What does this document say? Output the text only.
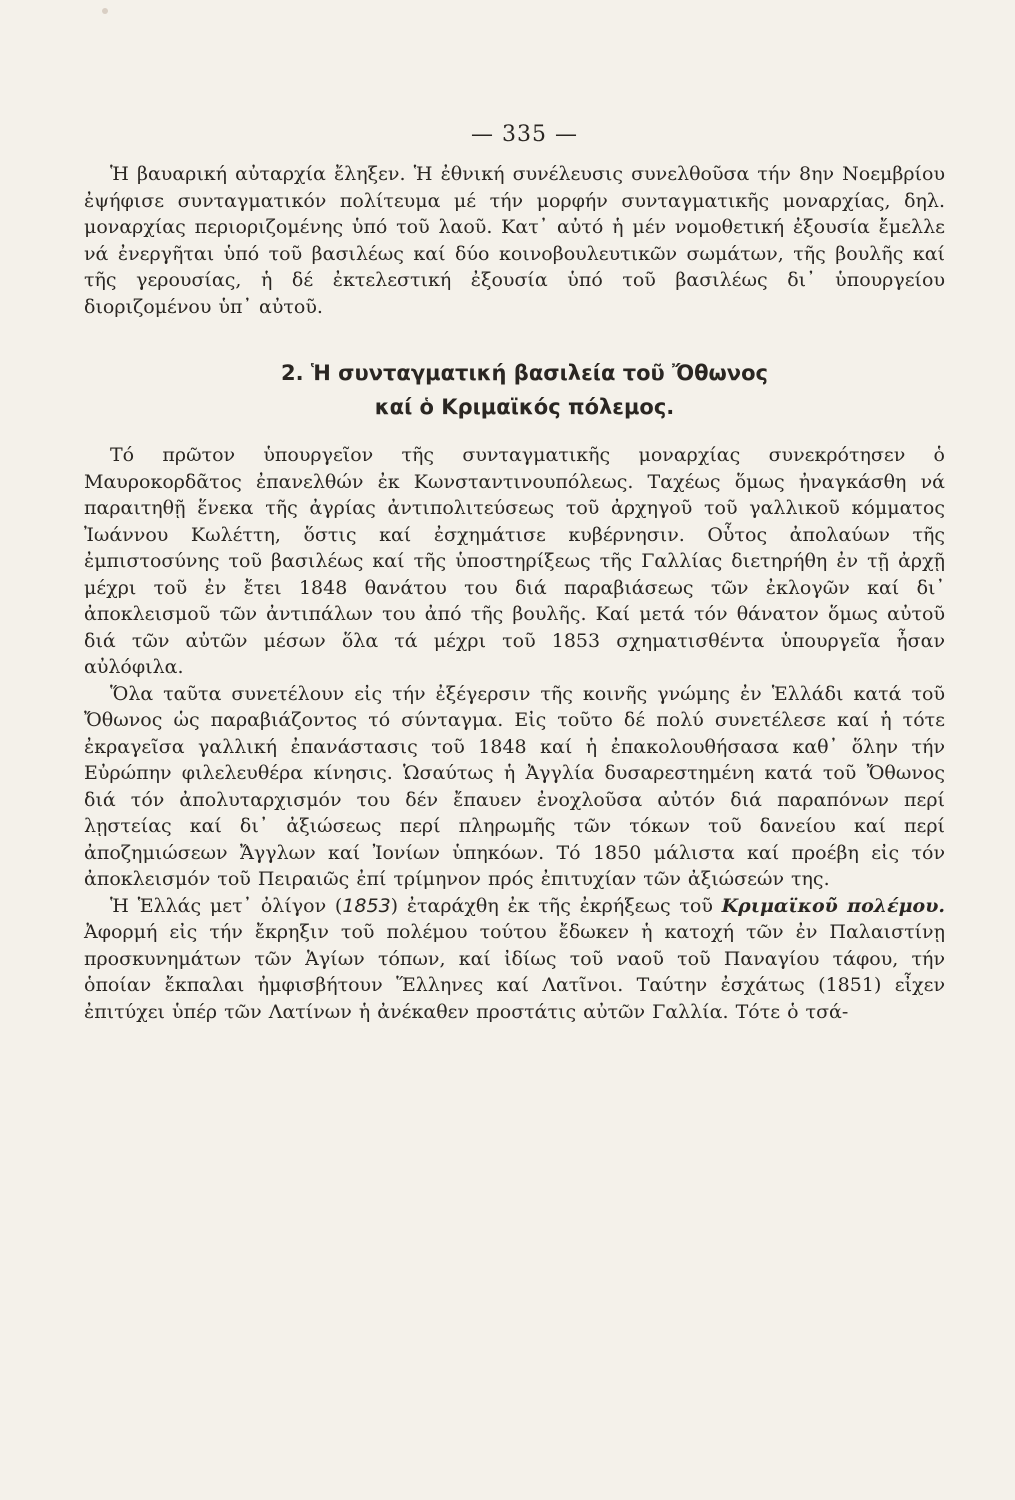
— 335 —

Ἡ βαυαρική αὐταρχία ἔληξεν. Ἡ ἐθνική συνέλευσις συνελθοῦσα τήν 8ην Νοεμβρίου ἐψήφισε συνταγματικόν πολίτευμα μέ τήν μορφήν συνταγματικῆς μοναρχίας, δηλ. μοναρχίας περιοριζομένης ὑπό τοῦ λαοῦ. Κατ᾿ αὐτό ἡ μέν νομοθετική ἐξουσία ἔμελλε νά ἐνεργῆται ὑπό τοῦ βασιλέως καί δύο κοινοβουλευτικῶν σωμάτων, τῆς βουλῆς καί τῆς γερουσίας, ἡ δέ ἐκτελεστική ἐξουσία ὑπό τοῦ βασιλέως δι᾿ ὑπουργείου διοριζομένου ὑπ᾿ αὐτοῦ.

2. Ἡ συνταγματική βασιλεία τοῦ Ὄθωνος
καί ὁ Κριμαϊκός πόλεμος.

Τό πρῶτον ὑπουργεῖον τῆς συνταγματικῆς μοναρχίας συνεκρότησεν ὁ Μαυροκορδᾶτος ἐπανελθών ἐκ Κωνσταντινουπόλεως. Ταχέως ὅμως ἠναγκάσθη νά παραιτηθῇ ἕνεκα τῆς ἀγρίας ἀντιπολιτεύσεως τοῦ ἀρχηγοῦ τοῦ γαλλικοῦ κόμματος Ἰωάννου Κωλέττη, ὅστις καί ἐσχημάτισε κυβέρνησιν. Οὗτος ἀπολαύων τῆς ἐμπιστοσύνης τοῦ βασιλέως καί τῆς ὑποστηρίξεως τῆς Γαλλίας διετηρήθη ἐν τῇ ἀρχῇ μέχρι τοῦ ἐν ἔτει 1848 θανάτου του διά παραβιάσεως τῶν ἐκλογῶν καί δι᾿ ἀποκλεισμοῦ τῶν ἀντιπάλων του ἀπό τῆς βουλῆς. Καί μετά τόν θάνατον ὅμως αὐτοῦ διά τῶν αὐτῶν μέσων ὅλα τά μέχρι τοῦ 1853 σχηματισθέντα ὑπουργεῖα ἦσαν αὐλόφιλα.

Ὅλα ταῦτα συνετέλουν εἰς τήν ἐξέγερσιν τῆς κοινῆς γνώμης ἐν Ἑλλάδι κατά τοῦ Ὄθωνος ὡς παραβιάζοντος τό σύνταγμα. Εἰς τοῦτο δέ πολύ συνετέλεσε καί ἡ τότε ἐκραγεῖσα γαλλική ἐπανάστασις τοῦ 1848 καί ἡ ἐπακολουθήσασα καθ᾿ ὅλην τήν Εὐρώπην φιλελευθέρα κίνησις. Ὡσαύτως ἡ Ἀγγλία δυσαρεστημένη κατά τοῦ Ὄθωνος διά τόν ἀπολυταρχισμόν του δέν ἔπαυεν ἐνοχλοῦσα αὐτόν διά παραπόνων περί λῃστείας καί δι᾿ ἀξιώσεως περί πληρωμῆς τῶν τόκων τοῦ δανείου καί περί ἀποζημιώσεων Ἄγγλων καί Ἰονίων ὑπηκόων. Τό 1850 μάλιστα καί προέβη εἰς τόν ἀποκλεισμόν τοῦ Πειραιῶς ἐπί τρίμηνον πρός ἐπιτυχίαν τῶν ἀξιώσεών της.

Ἡ Ἑλλάς μετ᾿ ὀλίγον (1853) ἐταράχθη ἐκ τῆς ἐκρήξεως τοῦ Κριμαϊκοῦ πολέμου. Ἀφορμή εἰς τήν ἔκρηξιν τοῦ πολέμου τούτου ἔδωκεν ἡ κατοχή τῶν ἐν Παλαιστίνῃ προσκυνημάτων τῶν Ἁγίων τόπων, καί ἰδίως τοῦ ναοῦ τοῦ Παναγίου τάφου, τήν ὁποίαν ἔκπαλαι ἠμφισβήτουν Ἕλληνες καί Λατῖνοι. Ταύτην ἐσχάτως (1851) εἶχεν ἐπιτύχει ὑπέρ τῶν Λατίνων ἡ ἀνέκαθεν προστάτις αὐτῶν Γαλλία. Τότε ὁ τσά-
